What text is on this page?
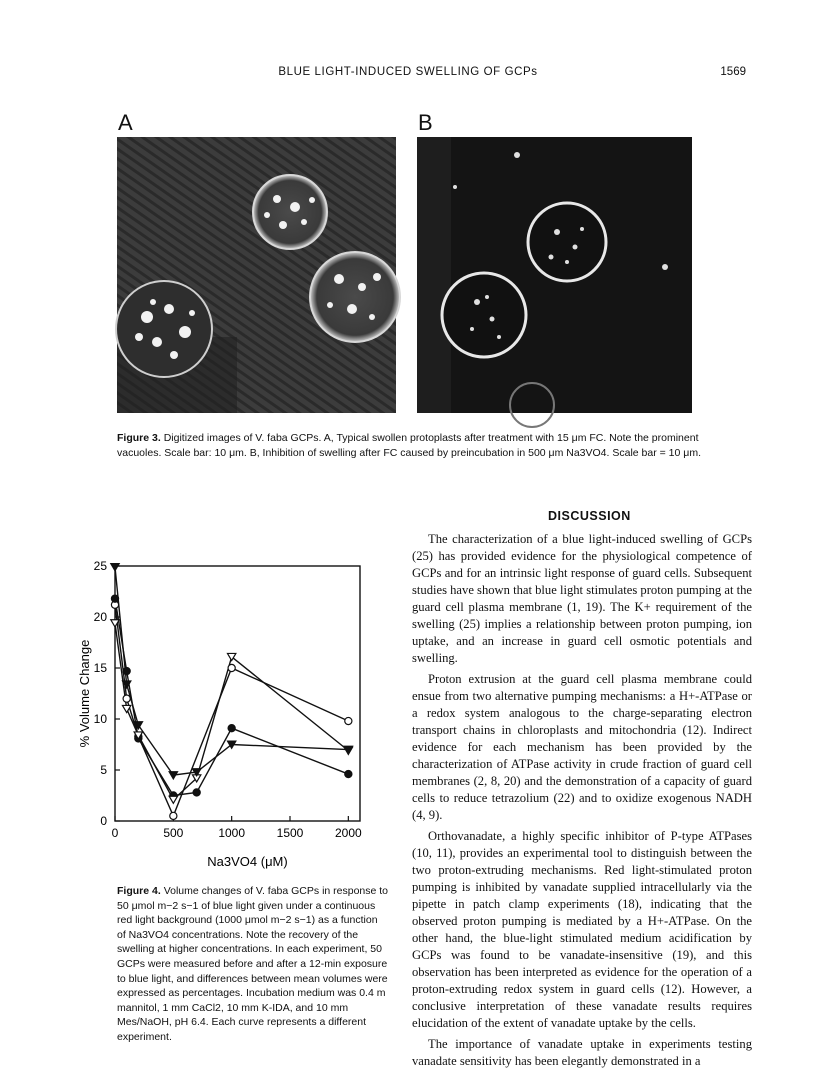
BLUE LIGHT-INDUCED SWELLING OF GCPs	1569
A	B
Figure 3. Digitized images of V. faba GCPs. A, Typical swollen protoplasts after treatment with 15 μm FC. Note the prominent vacuoles. Scale bar: 10 μm. B, Inhibition of swelling after FC caused by preincubation in 500 μm Na3VO4. Scale bar = 10 μm.
0	500	1000	1500	2000
0
5
10
15
20
25
Na3VO4 (μM)
% Volume Change
Figure 4. Volume changes of V. faba GCPs in response to 50 μmol m−2 s−1 of blue light given under a continuous red light background (1000 μmol m−2 s−1) as a function of Na3VO4 concentrations. Note the recovery of the swelling at higher concentrations. In each experiment, 50 GCPs were measured before and after a 12-min exposure to blue light, and differences between mean volumes were expressed as percentages. Incubation medium was 0.4 m mannitol, 1 mm CaCl2, 10 mm K-IDA, and 10 mm Mes/NaOH, pH 6.4. Each curve represents a different experiment.
DISCUSSION

The characterization of a blue light-induced swelling of GCPs (25) has provided evidence for the physiological competence of GCPs and for an intrinsic light response of guard cells. Subsequent studies have shown that blue light stimulates proton pumping at the guard cell plasma membrane (1, 19). The K+ requirement of the swelling (25) implies a relationship between proton pumping, ion uptake, and an increase in guard cell osmotic potentials and swelling.

Proton extrusion at the guard cell plasma membrane could ensue from two alternative pumping mechanisms: a H+-ATPase or a redox system analogous to the charge-separating electron transport chains in chloroplasts and mitochondria (12). Indirect evidence for each mechanism has been provided by the characterization of ATPase activity in crude fraction of guard cell membranes (2, 8, 20) and the demonstration of a capacity of guard cells to reduce tetrazolium (22) and to oxidize exogenous NADH (4, 9).

Orthovanadate, a highly specific inhibitor of P-type ATPases (10, 11), provides an experimental tool to distinguish between the two proton-extruding mechanisms. Red light-stimulated proton pumping is inhibited by vanadate supplied intracellularly via the pipette in patch clamp experiments (18), indicating that the observed proton pumping is mediated by a H+-ATPase. On the other hand, the blue-light stimulated medium acidification by GCPs was found to be vanadate-insensitive (19), and this observation has been interpreted as evidence for the operation of a proton-extruding redox system in guard cells (12). However, a conclusive interpretation of these vanadate results requires elucidation of the extent of vanadate uptake by the cells.

The importance of vanadate uptake in experiments testing vanadate sensitivity has been elegantly demonstrated in a
